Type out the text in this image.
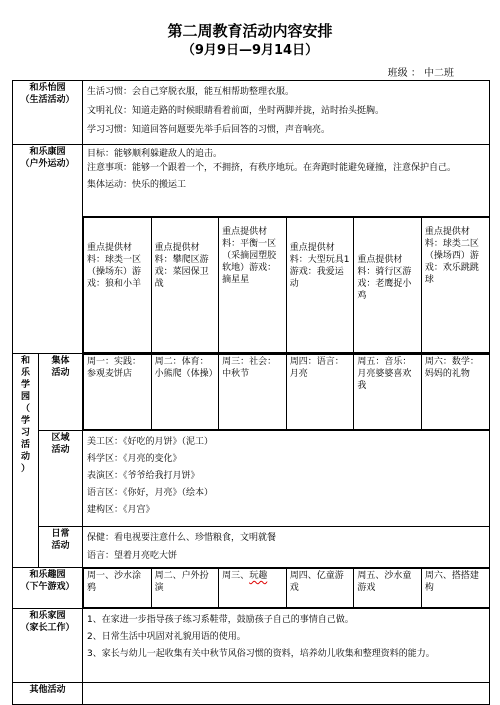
第二周教育活动内容安排
（9月9日—9月14日）
班级 ： 中二班
和乐怡园
（生活活动）

生活习惯：会自己穿脱衣服，能互相帮助整理衣服。
文明礼仪：知道走路的时候眼睛看着前面，坐时两脚并拢，站时抬头挺胸。
学习习惯：知道回答问题要先举手后回答的习惯，声音响亮。

和乐康园
（户外运动）

目标：能够顺利躲避敌人的追击。
注意事项：能够一个跟着一个，不拥挤，有秩序地玩。在奔跑时能避免碰撞，注意保护自己。
集体运动：快乐的搬运工

重点提供材料：球类一区（操场东）游戏：狼和小羊	重点提供材料：攀爬区游戏：菜园保卫战	重点提供材料：平衡一区（采摘园塑胶软地）游戏：摘星星	重点提供材料：大型玩具1游戏：我爱运动	重点提供材料：骑行区游戏：老鹰捉小鸡	重点提供材料：球类二区（操场西）游戏：欢乐跳跳球

和
乐
学
园
（
学
习
活
动
）

集体
活动

周一：实践：参观麦饼店	周二：体育：小熊爬（体操）	周三：社会：中秋节	周四：语言：月亮	周五：音乐：月亮婆婆喜欢我	周六：数学：妈妈的礼物

区域
活动

美工区：《好吃的月饼》（泥工）
科学区：《月亮的变化》
表演区：《爷爷给我打月饼》
语言区：《你好，月亮》（绘本）
建构区：《月宫》

日常
活动

保健：看电视要注意什么、珍惜粮食，文明就餐
语言：望着月亮吃大饼

和乐趣园
（下午游戏）

周一、沙水涂鸦	周二、户外扮演	周三、玩趣	周四、亿童游戏	周五、沙水童游戏	周六、搭搭建构

和乐家园
（家长工作）

1、在家进一步指导孩子练习系鞋带，鼓励孩子自己的事情自己做。
2、日常生活中巩固对礼貌用语的使用。
3、家长与幼儿一起收集有关中秋节风俗习惯的资料，培养幼儿收集和整理资料的能力。

其他活动	
